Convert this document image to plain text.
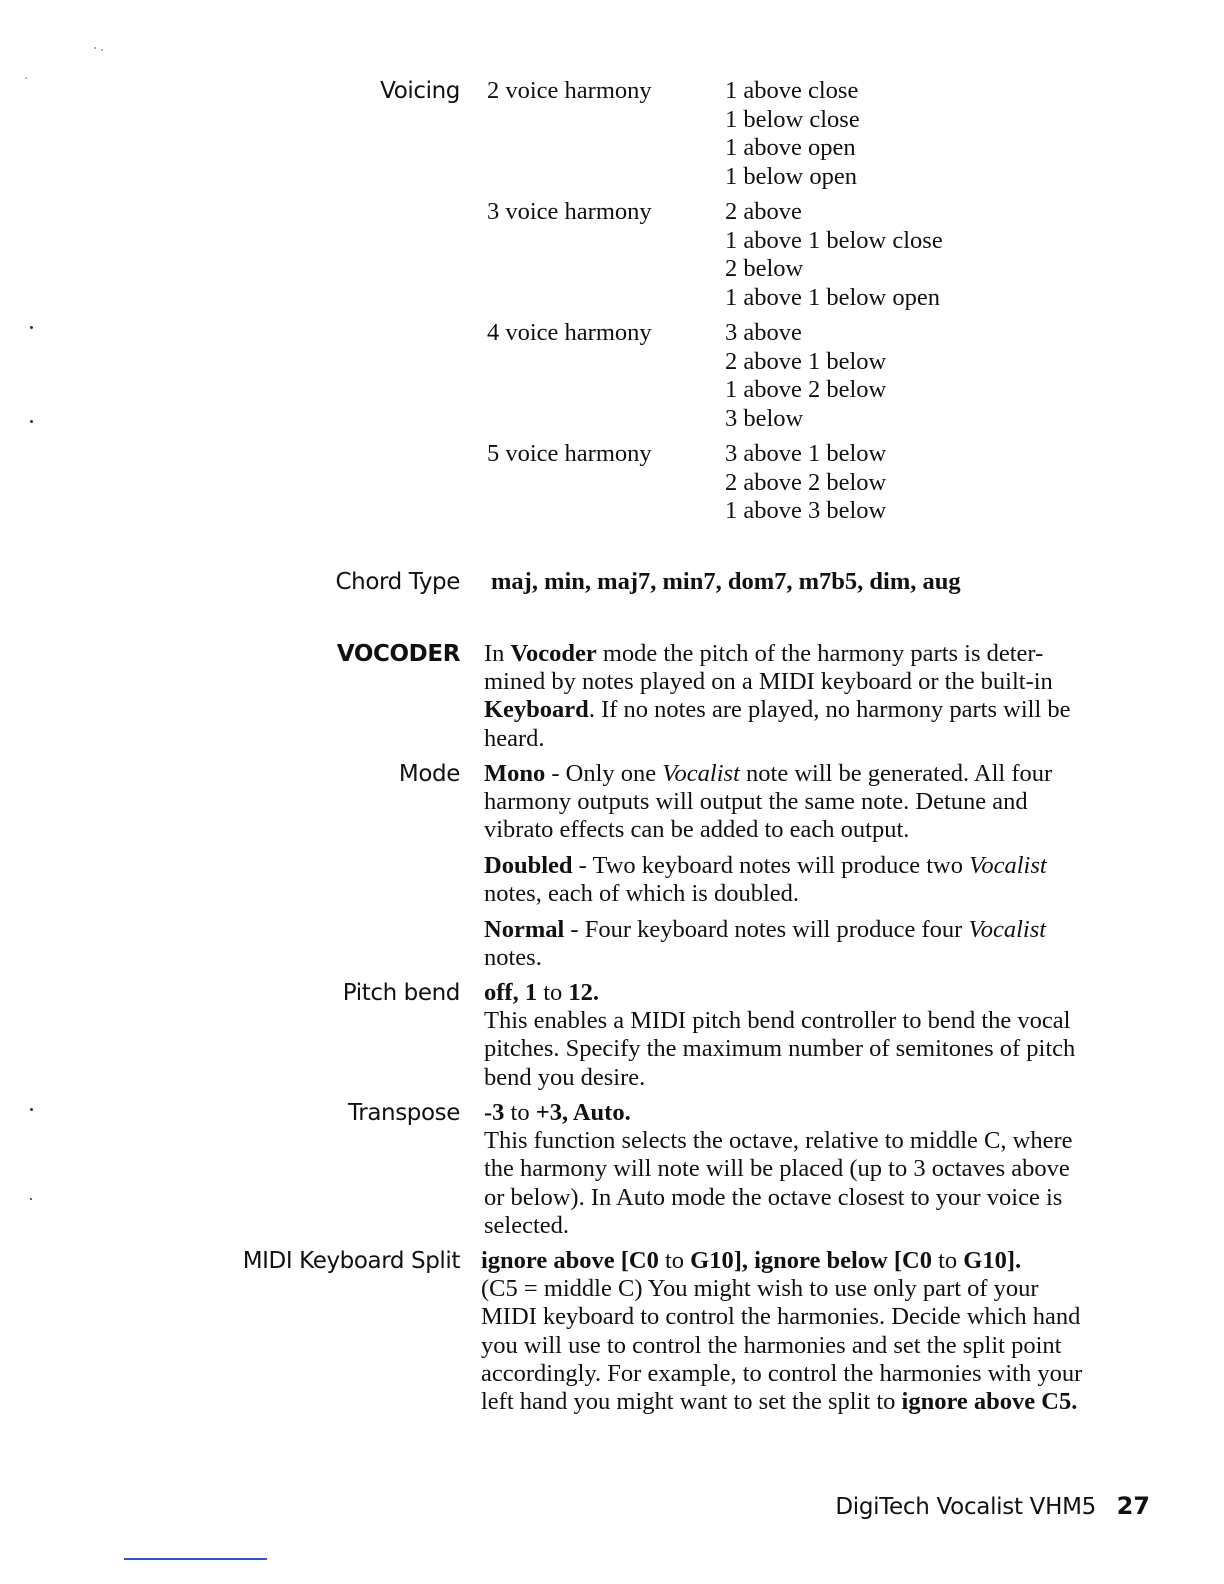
Voicing 2 voice harmony	1 above close
1 below close
1 above open
1 below open
3 voice harmony	2 above
1 above 1 below close
2 below
1 above 1 below open
4 voice harmony	3 above
2 above 1 below
1 above 2 below
3 below
5 voice harmony	3 above 1 below
2 above 2 below
1 above 3 below
Chord Type maj, min, maj7, min7, dom7, m7b5, dim, aug
VOCODER In Vocoder mode the pitch of the harmony parts is deter-
mined by notes played on a MIDI keyboard or the built-in
Keyboard. If no notes are played, no harmony parts will be
heard.
Mode Mono - Only one Vocalist note will be generated. All four
harmony outputs will output the same note. Detune and
vibrato effects can be added to each output.
Doubled - Two keyboard notes will produce two Vocalist
notes, each of which is doubled.
Normal - Four keyboard notes will produce four Vocalist
notes.
Pitch bend off, 1 to 12.
This enables a MIDI pitch bend controller to bend the vocal
pitches. Specify the maximum number of semitones of pitch
bend you desire.
Transpose -3 to +3, Auto.
This function selects the octave, relative to middle C, where
the harmony will note will be placed (up to 3 octaves above
or below). In Auto mode the octave closest to your voice is
selected.
MIDI Keyboard Split ignore above [C0 to G10], ignore below [C0 to G10].
(C5 = middle C) You might wish to use only part of your
MIDI keyboard to control the harmonies. Decide which hand
you will use to control the harmonies and set the split point
accordingly. For example, to control the harmonies with your
left hand you might want to set the split to ignore above C5.
DigiTech Vocalist VHM5 27
